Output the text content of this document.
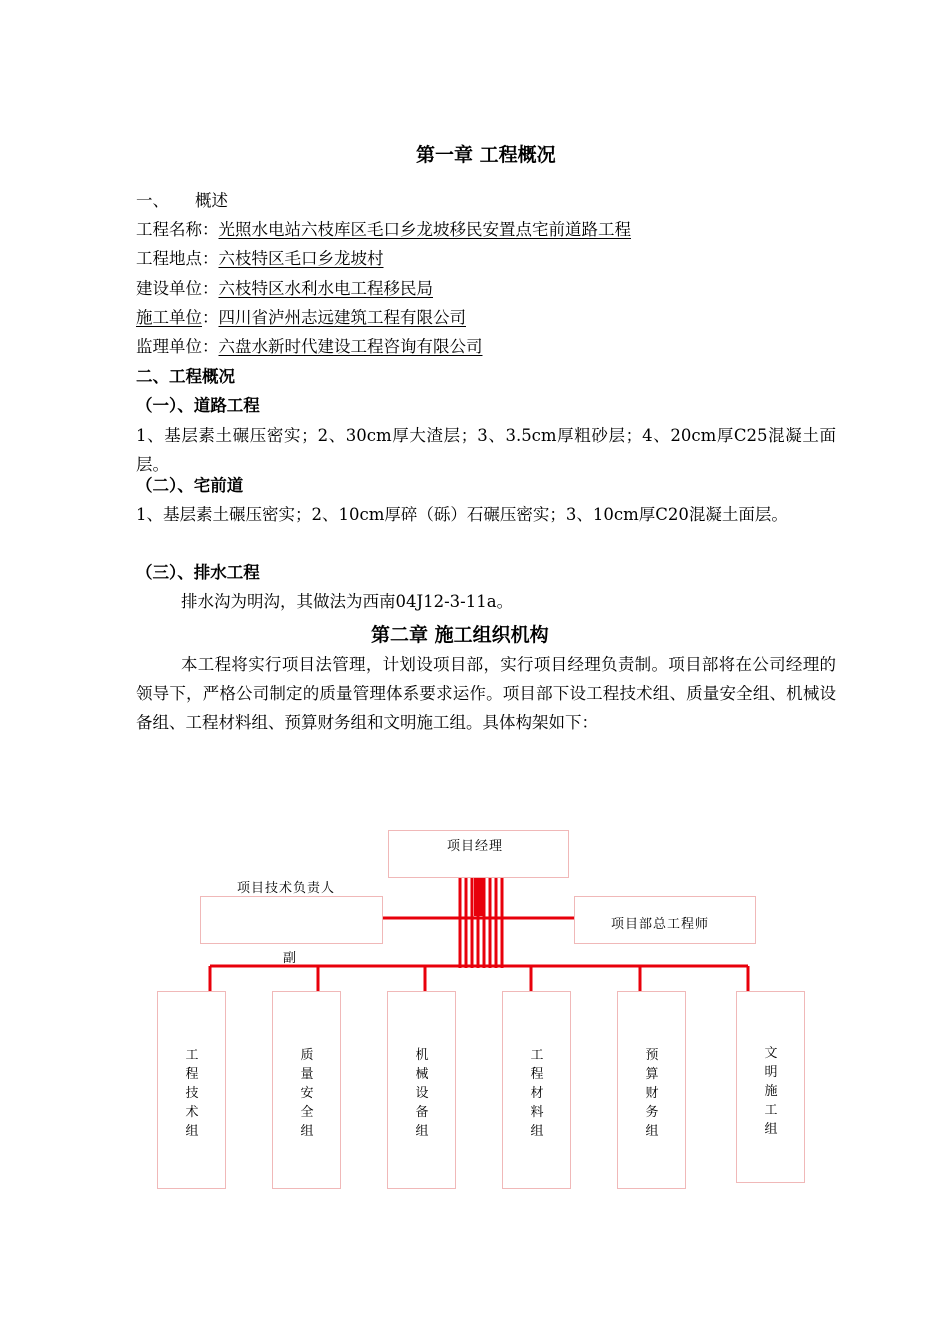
第一章 工程概况
一、 概述
工程名称：光照水电站六枝库区毛口乡龙坡移民安置点宅前道路工程
工程地点：六枝特区毛口乡龙坡村
建设单位：六枝特区水利水电工程移民局
施工单位：四川省泸州志远建筑工程有限公司
监理单位：六盘水新时代建设工程咨询有限公司
二、工程概况
（一）、道路工程
1、基层素土碾压密实；2、30cm厚大渣层；3、3.5cm厚粗砂层；4、20cm厚C25混凝土面层。
（二）、宅前道
1、基层素土碾压密实；2、10cm厚碎（砾）石碾压密实；3、10cm厚C20混凝土面层。
（三）、排水工程
排水沟为明沟，其做法为西南04J12-3-11a。
第二章 施工组织机构
本工程将实行项目法管理，计划设项目部，实行项目经理负责制。项目部将在公司经理的领导下，严格公司制定的质量管理体系要求运作。项目部下设工程技术组、质量安全组、机械设备组、工程材料组、预算财务组和文明施工组。具体构架如下：
项目经理
项目技术负责人
项目部总工程师
副
工程技术组
质量安全组
机械设备组
工程材料组
预算财务组
文明施工组
